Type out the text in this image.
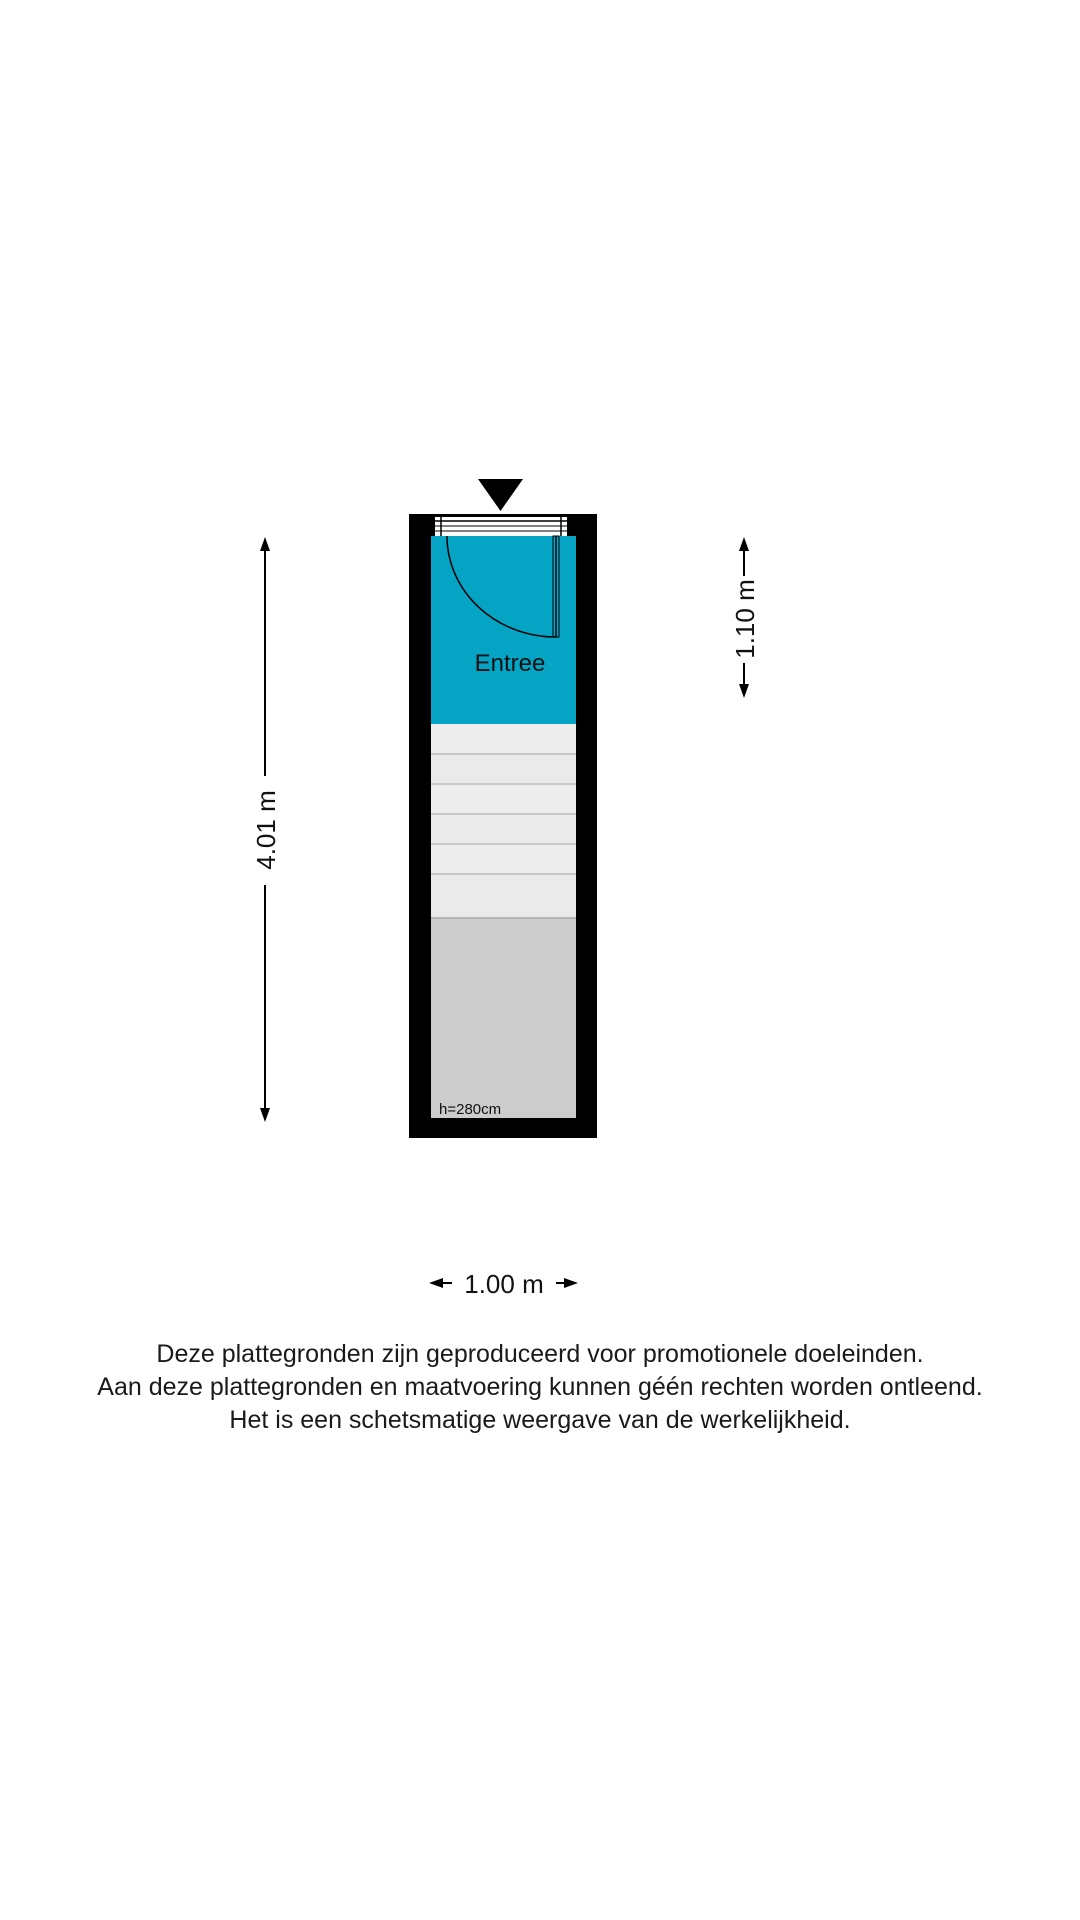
Entree
h=280cm
4.01 m
1.10 m
1.00 m
Deze plattegronden zijn geproduceerd voor promotionele doeleinden.
Aan deze plattegronden en maatvoering kunnen géén rechten worden ontleend.
Het is een schetsmatige weergave van de werkelijkheid.
